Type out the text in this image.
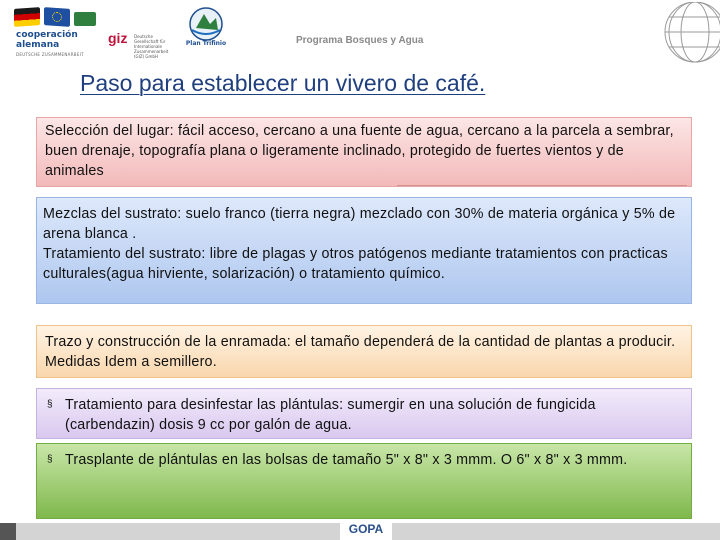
cooperación alemana
DEUTSCHE ZUSAMMENARBEIT
giz Deutsche Gesellschaft für Internationale Zusammenarbeit (GIZ) GmbH
Plan Trifinio	Programa Bosques y Agua
Paso para establecer un vivero de café.
Selección del lugar: fácil acceso, cercano a una fuente de agua, cercano a la parcela a sembrar, buen drenaje, topografía plana o ligeramente inclinado, protegido de fuertes vientos y de animales
Mezclas del sustrato: suelo franco (tierra negra) mezclado con 30% de materia orgánica y 5% de arena blanca .
Tratamiento del sustrato: libre de plagas y otros patógenos mediante tratamientos con practicas culturales(agua hirviente, solarización) o tratamiento químico.
Trazo y construcción de la enramada: el tamaño dependerá de la cantidad de plantas a producir. Medidas Idem a semillero.
§ Tratamiento para desinfestar las plántulas: sumergir en una solución de fungicida (carbendazin) dosis 9 cc por galón de agua.
§ Trasplante de plántulas en las bolsas de tamaño 5" x 8" x 3 mmm. O 6" x 8" x 3 mmm.
GOPA
